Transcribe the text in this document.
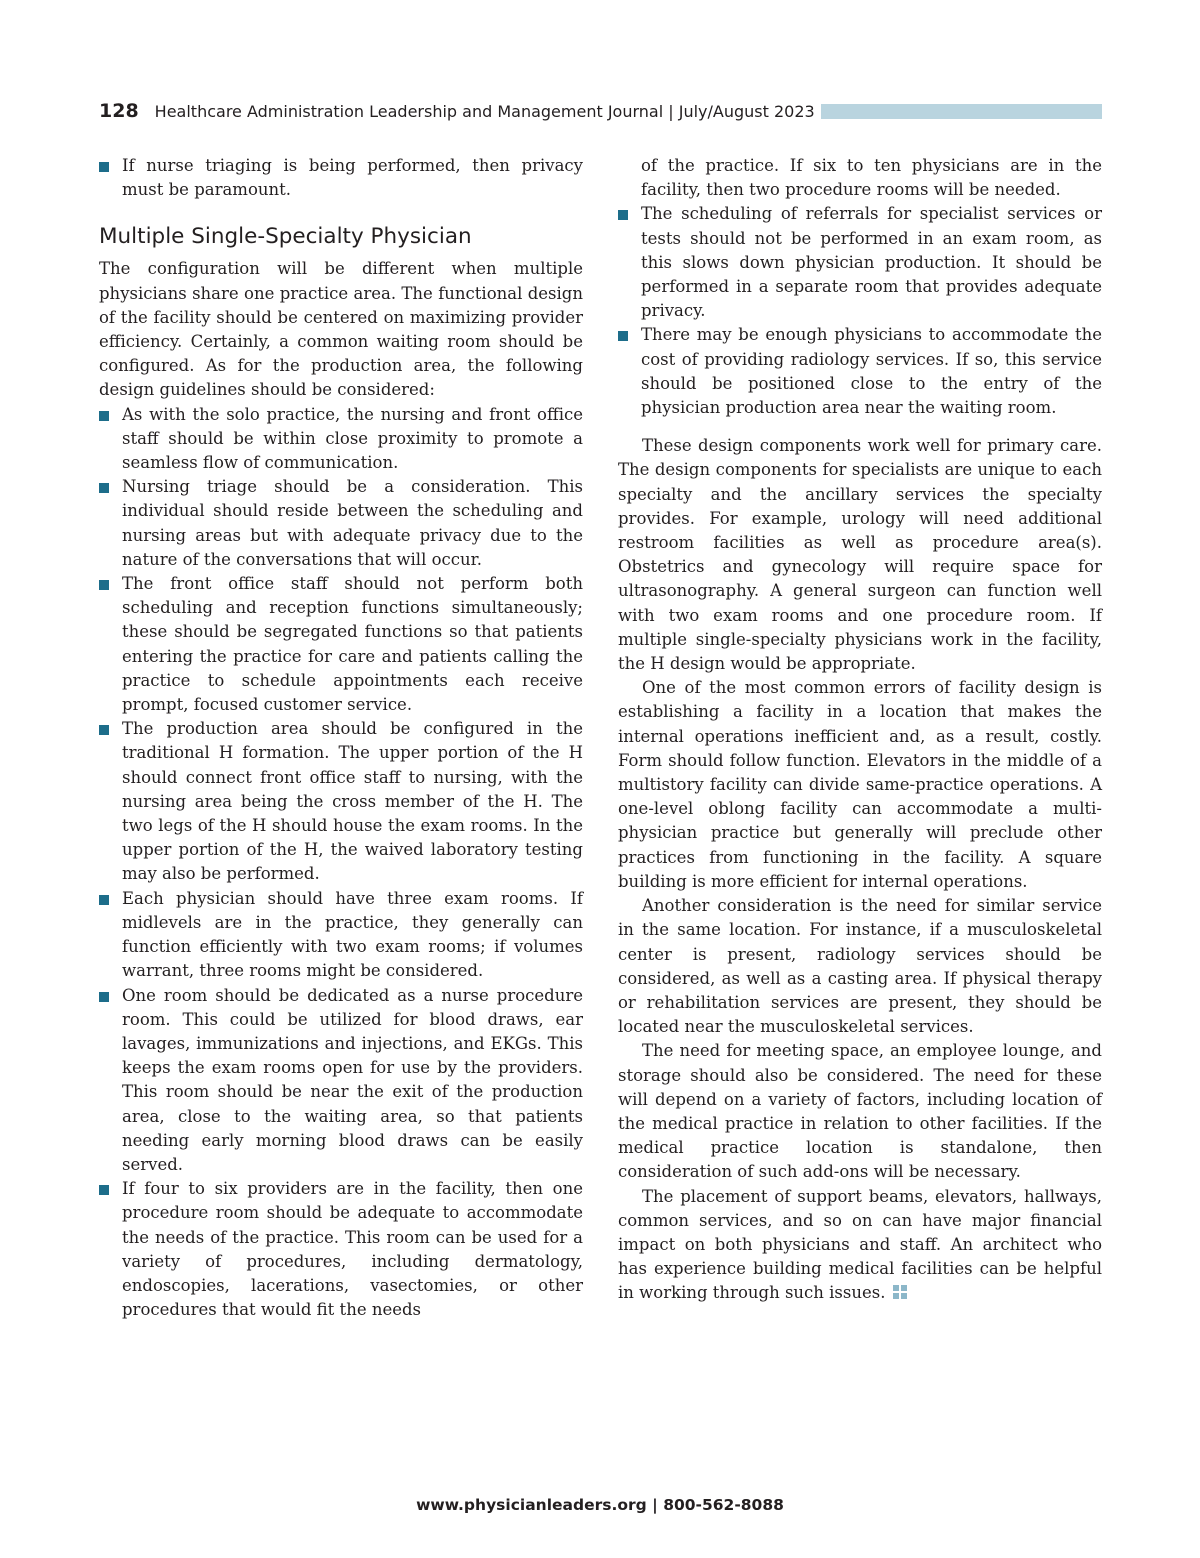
128 Healthcare Administration Leadership and Management Journal | July/August 2023
If nurse triaging is being performed, then privacy must be paramount.
Multiple Single-Specialty Physician

The configuration will be different when multiple physicians share one practice area. The functional design of the facility should be centered on maximizing provider efficiency. Certainly, a common waiting room should be configured. As for the production area, the following design guidelines should be considered:

As with the solo practice, the nursing and front office staff should be within close proximity to promote a seamless flow of communication.
Nursing triage should be a consideration. This individual should reside between the scheduling and nursing areas but with adequate privacy due to the nature of the conversations that will occur.
The front office staff should not perform both scheduling and reception functions simultaneously; these should be segregated functions so that patients entering the practice for care and patients calling the practice to schedule appointments each receive prompt, focused customer service.
The production area should be configured in the traditional H formation. The upper portion of the H should connect front office staff to nursing, with the nursing area being the cross member of the H. The two legs of the H should house the exam rooms. In the upper portion of the H, the waived laboratory testing may also be performed.
Each physician should have three exam rooms. If midlevels are in the practice, they generally can function efficiently with two exam rooms; if volumes warrant, three rooms might be considered.
One room should be dedicated as a nurse procedure room. This could be utilized for blood draws, ear lavages, immunizations and injections, and EKGs. This keeps the exam rooms open for use by the providers. This room should be near the exit of the production area, close to the waiting area, so that patients needing early morning blood draws can be easily served.
If four to six providers are in the facility, then one procedure room should be adequate to accommodate the needs of the practice. This room can be used for a variety of procedures, including dermatology, endoscopies, lacerations, vasectomies, or other procedures that would fit the needs

of the practice. If six to ten physicians are in the facility, then two procedure rooms will be needed.

The scheduling of referrals for specialist services or tests should not be performed in an exam room, as this slows down physician production. It should be performed in a separate room that provides adequate privacy.
There may be enough physicians to accommodate the cost of providing radiology services. If so, this service should be positioned close to the entry of the physician production area near the waiting room.

These design components work well for primary care. The design components for specialists are unique to each specialty and the ancillary services the specialty provides. For example, urology will need additional restroom facilities as well as procedure area(s). Obstetrics and gynecology will require space for ultrasonography. A general surgeon can function well with two exam rooms and one procedure room. If multiple single-specialty physicians work in the facility, the H design would be appropriate.

One of the most common errors of facility design is establishing a facility in a location that makes the internal operations inefficient and, as a result, costly. Form should follow function. Elevators in the middle of a multistory facility can divide same-practice operations. A one-level oblong facility can accommodate a multi-physician practice but generally will preclude other practices from functioning in the facility. A square building is more efficient for internal operations.

Another consideration is the need for similar service in the same location. For instance, if a musculoskeletal center is present, radiology services should be considered, as well as a casting area. If physical therapy or rehabilitation services are present, they should be located near the musculoskeletal services.

The need for meeting space, an employee lounge, and storage should also be considered. The need for these will depend on a variety of factors, including location of the medical practice in relation to other facilities. If the medical practice location is standalone, then consideration of such add-ons will be necessary.

The placement of support beams, elevators, hallways, common services, and so on can have major financial impact on both physicians and staff. An architect who has experience building medical facilities can be helpful in working through such issues.

www.physicianleaders.org | 800-562-8088
